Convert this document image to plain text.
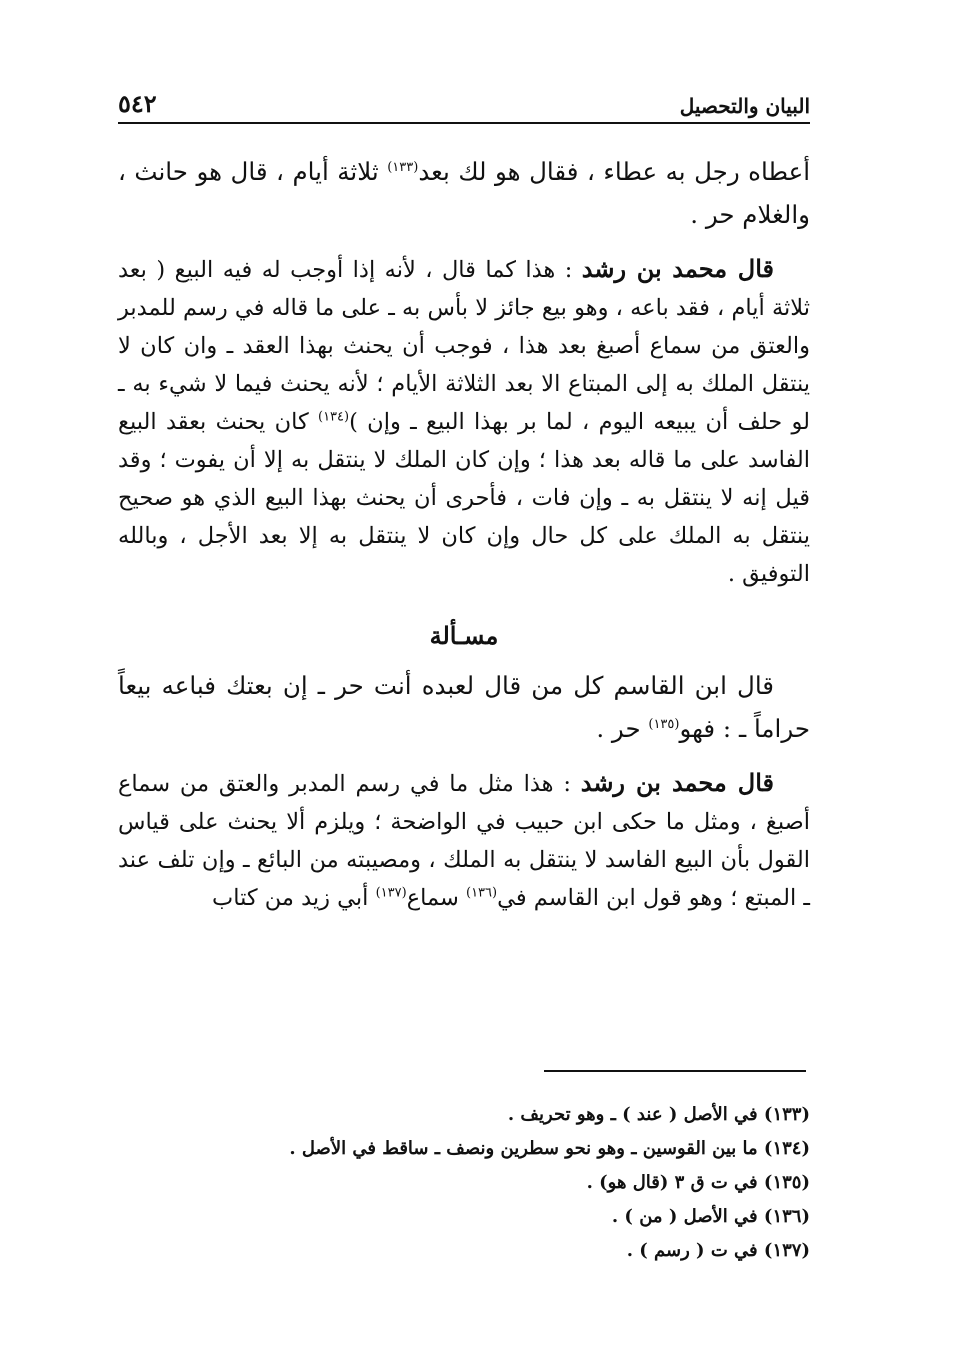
البيان والتحصيل
٥٤٢

أعطاه رجل به عطاء ، فقال هو لك بعد$^{(١٣٣)}$ ثلاثة أيام ، قال هو حانث ، والغلام حر .

قال محمد بن رشد : هذا كما قال ، لأنه إذا أوجب له فيه البيع ( بعد ثلاثة أيام ، فقد باعه ، وهو بيع جائز لا بأس به ـ على ما قاله في رسم للمدبر والعتق من سماع أصبغ بعد هذا ، فوجب أن يحنث بهذا العقد ـ وان كان لا ينتقل الملك به إلى المبتاع الا بعد الثلاثة الأيام ؛ لأنه يحنث فيما لا شيء به ـ لو حلف أن يبيعه اليوم ، لما بر بهذا البيع ـ وإن )$^{(١٣٤)}$ كان يحنث بعقد البيع الفاسد على ما قاله بعد هذا ؛ وإن كان الملك لا ينتقل به إلا أن يفوت ؛ وقد قيل إنه لا ينتقل به ـ وإن فات ، فأحرى أن يحنث بهذا البيع الذي هو صحيح ينتقل به الملك على كل حال وإن كان لا ينتقل به إلا بعد الأجل ، وبالله التوفيق .

مسـألة

قال ابن القاسم كل من قال لعبده أنت حر ـ إن بعتك فباعه بيعاً حراماً ـ : فهو$^{(١٣٥)}$ حر .

قال محمد بن رشد : هذا مثل ما في رسم المدبر والعتق من سماع أصبغ ، ومثل ما حكى ابن حبيب في الواضحة ؛ ويلزم ألا يحنث على قياس القول بأن البيع الفاسد لا ينتقل به الملك ، ومصيبته من البائع ـ وإن تلف عند ـ المبتع ؛ وهو قول ابن القاسم في$^{(١٣٦)}$ سماع$^{(١٣٧)}$ أبي زيد من كتاب

(١٣٣) في الأصل ( عند ) ـ وهو تحريف .
(١٣٤) ما بين القوسين ـ وهو نحو سطرين ونصف ـ ساقط في الأصل .
(١٣٥) في ت ق ٣ (قال هو) .
(١٣٦) في الأصل ( من ) .
(١٣٧) في ت ( رسم ) .
